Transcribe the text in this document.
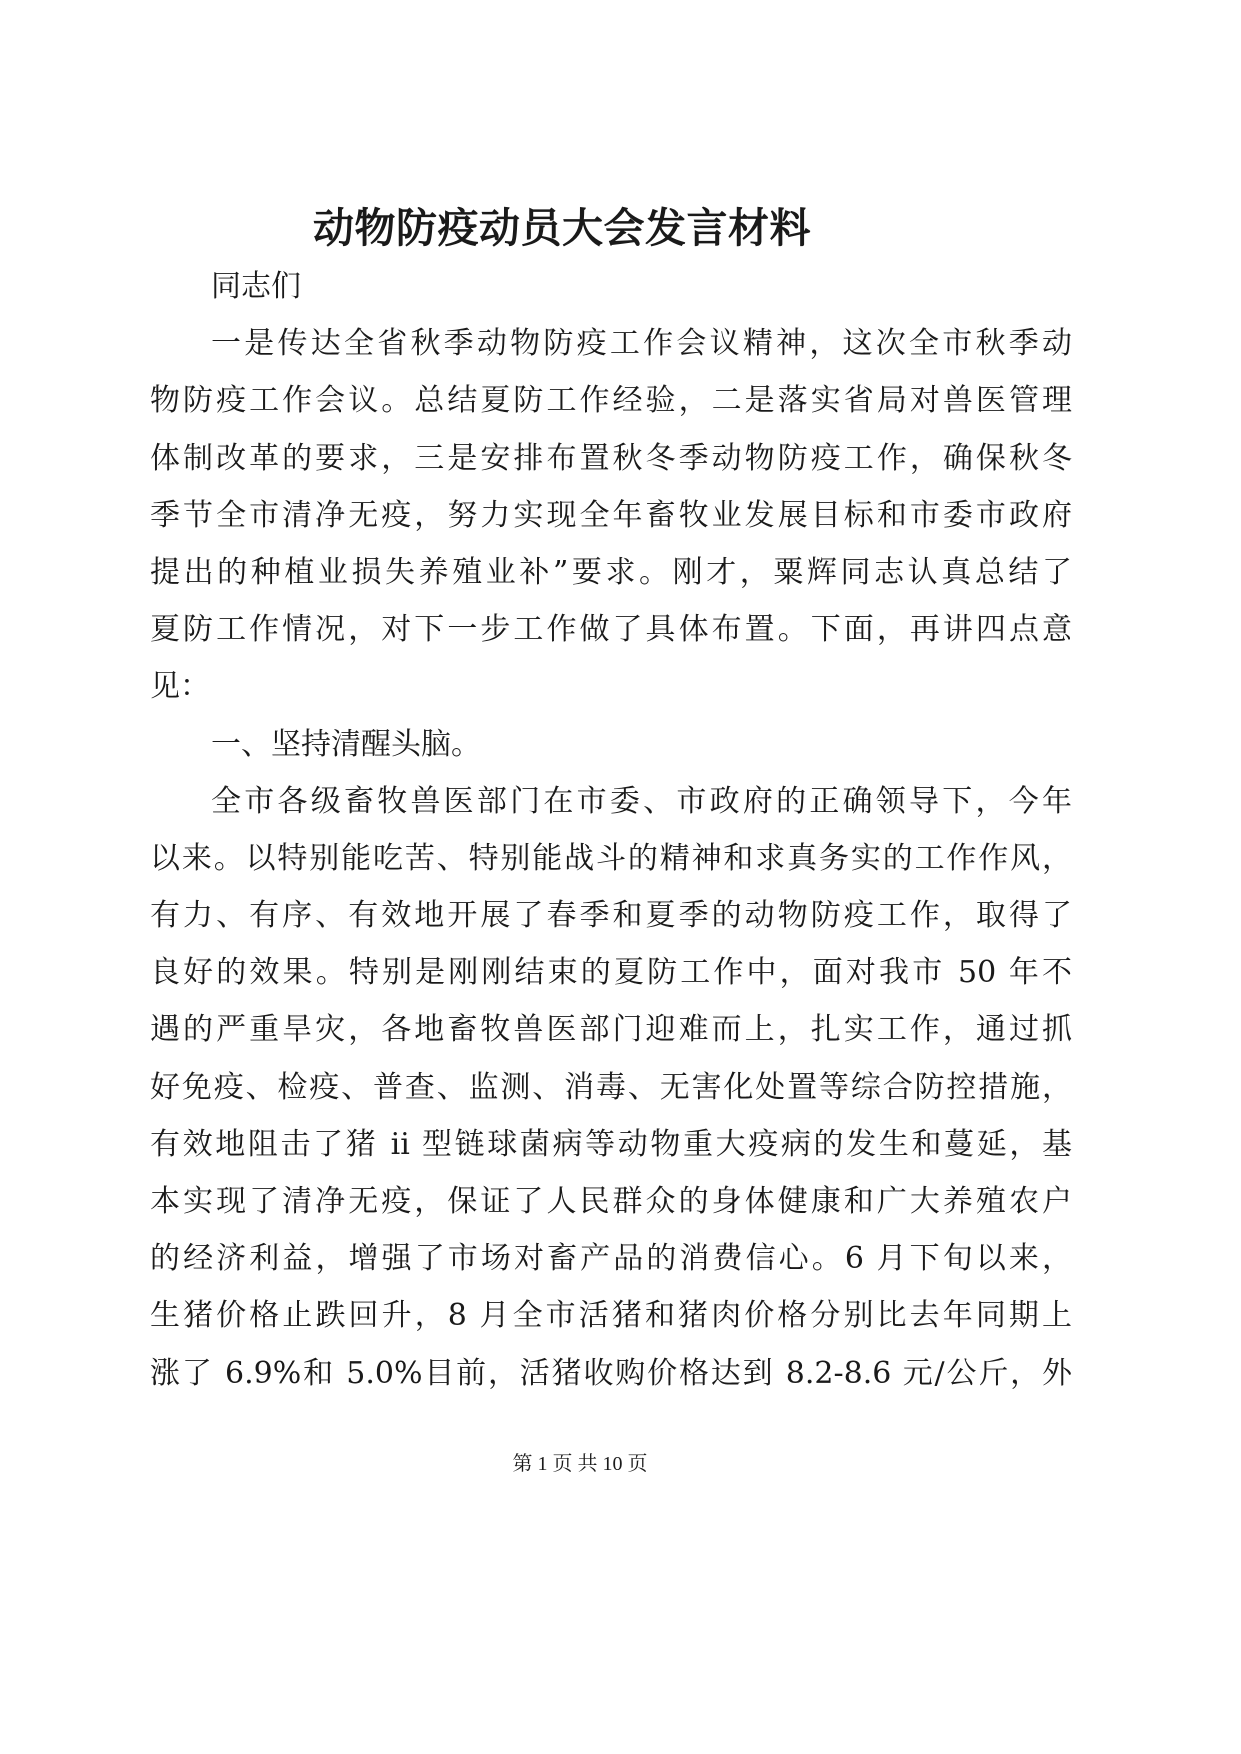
动物防疫动员大会发言材料
同志们
一是传达全省秋季动物防疫工作会议精神，这次全市秋季动
物防疫工作会议。总结夏防工作经验，二是落实省局对兽医管理
体制改革的要求，三是安排布置秋冬季动物防疫工作，确保秋冬
季节全市清净无疫，努力实现全年畜牧业发展目标和市委市政府
提出的种植业损失养殖业补”要求。刚才，粟辉同志认真总结了
夏防工作情况，对下一步工作做了具体布置。下面，再讲四点意
见：
一、坚持清醒头脑。
全市各级畜牧兽医部门在市委、市政府的正确领导下，今年
以来。以特别能吃苦、特别能战斗的精神和求真务实的工作作风，
有力、有序、有效地开展了春季和夏季的动物防疫工作，取得了
良好的效果。特别是刚刚结束的夏防工作中，面对我市 50 年不
遇的严重旱灾，各地畜牧兽医部门迎难而上，扎实工作，通过抓
好免疫、检疫、普查、监测、消毒、无害化处置等综合防控措施，
有效地阻击了猪 ii 型链球菌病等动物重大疫病的发生和蔓延，基
本实现了清净无疫，保证了人民群众的身体健康和广大养殖农户
的经济利益，增强了市场对畜产品的消费信心。6 月下旬以来，
生猪价格止跌回升，8 月全市活猪和猪肉价格分别比去年同期上
涨了 6.9%和 5.0%目前，活猪收购价格达到 8.2-8.6 元/公斤，外
第 1 页 共 10 页
